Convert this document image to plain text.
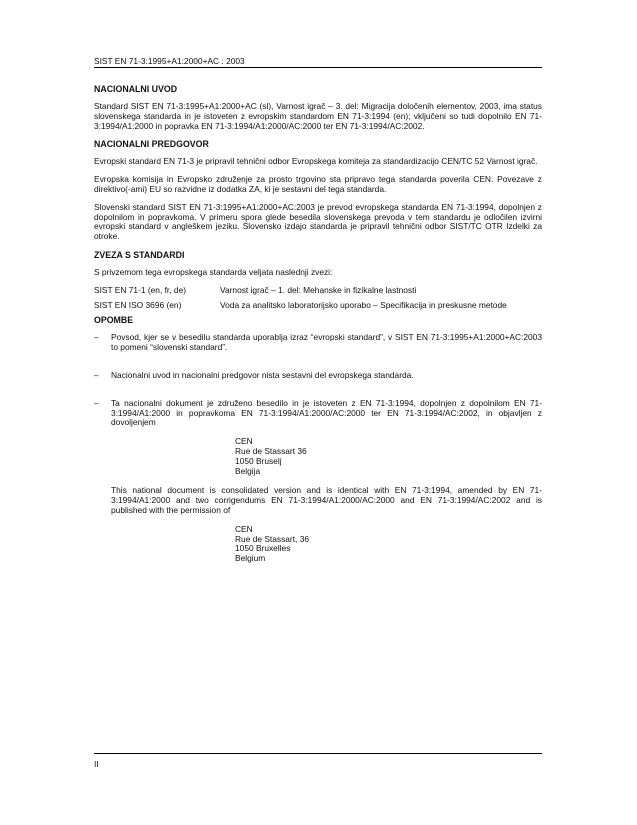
SIST EN 71-3:1995+A1:2000+AC : 2003
NACIONALNI UVOD

Standard SIST EN 71-3:1995+A1:2000+AC (sl), Varnost igrač – 3. del: Migracija določenih elementov, 2003, ima status slovenskega standarda in je istoveten z evropskim standardom EN 71-3:1994 (en); vključeni so tudi dopolnilo EN 71-3:1994/A1:2000 in popravka EN 71-3:1994/A1:2000/AC:2000 ter EN 71-3:1994/AC:2002.

NACIONALNI PREDGOVOR

Evropski standard EN 71-3 je pripravil tehnični odbor Evropskega komiteja za standardizacijo CEN/TC 52 Varnost igrač.

Evropska komisija in Evropsko združenje za prosto trgovino sta pripravo tega standarda poverila CEN. Povezave z direktivo(-ami) EU so razvidne iz dodatka ZA, ki je sestavni del tega standarda.

Slovenski standard SIST EN 71-3:1995+A1:2000+AC:2003 je prevod evropskega standarda EN 71-3:1994, dopolnjen z dopolnilom in popravkoma. V primeru spora glede besedila slovenskega prevoda v tem standardu je odločilen izvirni evropski standard v angleškem jeziku. Slovensko izdajo standarda je pripravil tehnični odbor SIST/TC OTR Izdelki za otroke.

ZVEZA S STANDARDI

S privzemom tega evropskega standarda veljata naslednji zvezi:

SIST EN 71-1 (en, fr, de)	Varnost igrač – 1. del: Mehanske in fizikalne lastnosti
SIST EN ISO 3696 (en)	Voda za analitsko laboratorijsko uporabo – Specifikacija in preskusne metode
OPOMBE
–	Povsod, kjer se v besedilu standarda uporablja izraz “evropski standard”, v SIST EN 71-3:1995+A1:2000+AC:2003 to pomeni “slovenski standard”.

–	Nacionalni uvod in nacionalni predgovor nista sestavni del evropskega standarda.

–	Ta nacionalni dokument je združeno besedilo in je istoveten z EN 71-3:1994, dopolnjen z dopolnilom EN 71-3:1994/A1:2000 in popravkoma EN 71-3:1994/A1:2000/AC:2000 ter EN 71-3:1994/AC:2002, in objavljen z dovoljenjem

CEN
Rue de Stassart 36
1050 Bruselj
Belgija

This national document is consolidated version and is identical with EN 71-3:1994, amended by EN 71-3:1994/A1:2000 and two corrigendums EN 71-3:1994/A1:2000/AC:2000 and EN 71-3:1994/AC:2002 and is published with the permission of

CEN
Rue de Stassart, 36
1050 Bruxelles
Belgium
II
